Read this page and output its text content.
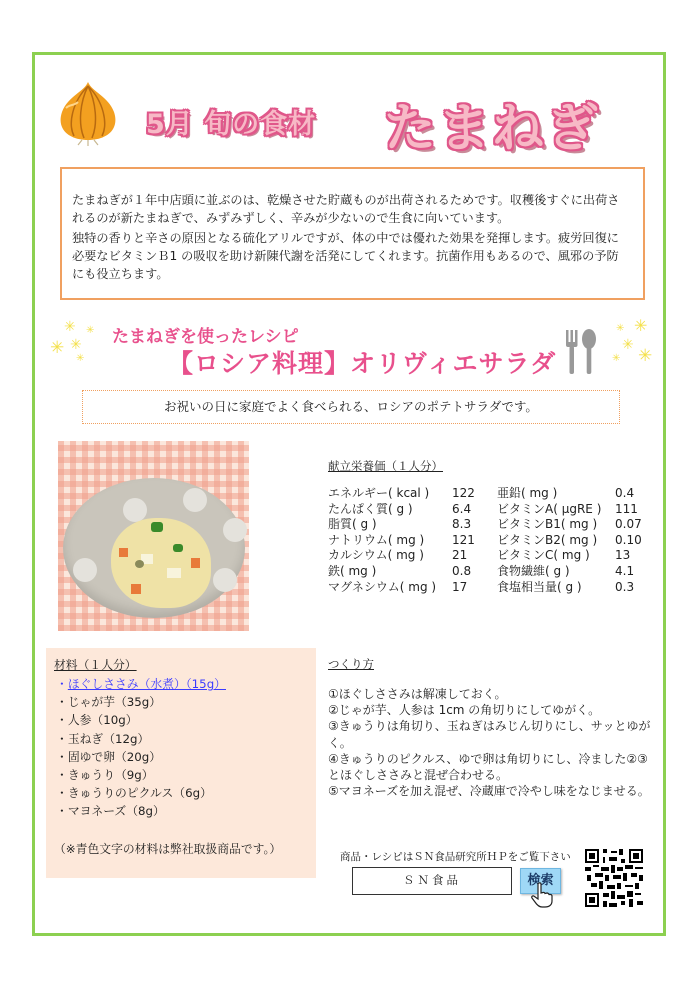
5月 旬の食材 たまねぎ

たまねぎが１年中店頭に並ぶのは、乾燥させた貯蔵ものが出荷されるためです。収穫後すぐに出荷されるのが新たまねぎで、みずみずしく、辛みが少ないので生食に向いています。

独特の香りと辛さの原因となる硫化アリルですが、体の中では優れた効果を発揮します。疲労回復に必要なビタミンＢ1 の吸収を助け新陳代謝を活発にしてくれます。抗菌作用もあるので、風邪の予防にも役立ちます。

✳ ✳
✳ ✳
✳
たまねぎを使ったレシピ
【ロシア料理】オリヴィエサラダ
✳ ✳
✳
✳ ✳
お祝いの日に家庭でよく食べられる、ロシアのポテトサラダです。
献立栄養価（１人分）
エネルギー( kcal )	122	亜鉛( mg )	0.4
たんぱく質( g )	6.4	ビタミンA( μgRE )	111
脂質( g )	8.3	ビタミンB1( mg )	0.07
ナトリウム( mg )	121	ビタミンB2( mg )	0.10
カルシウム( mg )	21	ビタミンC( mg )	13
鉄( mg )	0.8	食物繊維( g )	4.1
マグネシウム( mg )	17	食塩相当量( g )	0.3
材料（１人分）
・ほぐしささみ（水煮）（15g）
・じゃが芋（35g）
・人参（10g）
・玉ねぎ（12g）
・固ゆで卵（20g）
・きゅうり（9g）
・きゅうりのピクルス（6g）
・マヨネーズ（8g）
（※青色文字の材料は弊社取扱商品です。）
つくり方
①ほぐしささみは解凍しておく。
②じゃが芋、人参は 1cm の角切りにしてゆがく。
③きゅうりは角切り、玉ねぎはみじん切りにし、サッとゆがく。
④きゅうりのピクルス、ゆで卵は角切りにし、冷ました②③とほぐしささみと混ぜ合わせる。
⑤マヨネーズを加え混ぜ、冷蔵庫で冷やし味をなじませる。
商品・レシピはＳＮ食品研究所ＨＰをご覧下さい
ＳＮ食品	検索
